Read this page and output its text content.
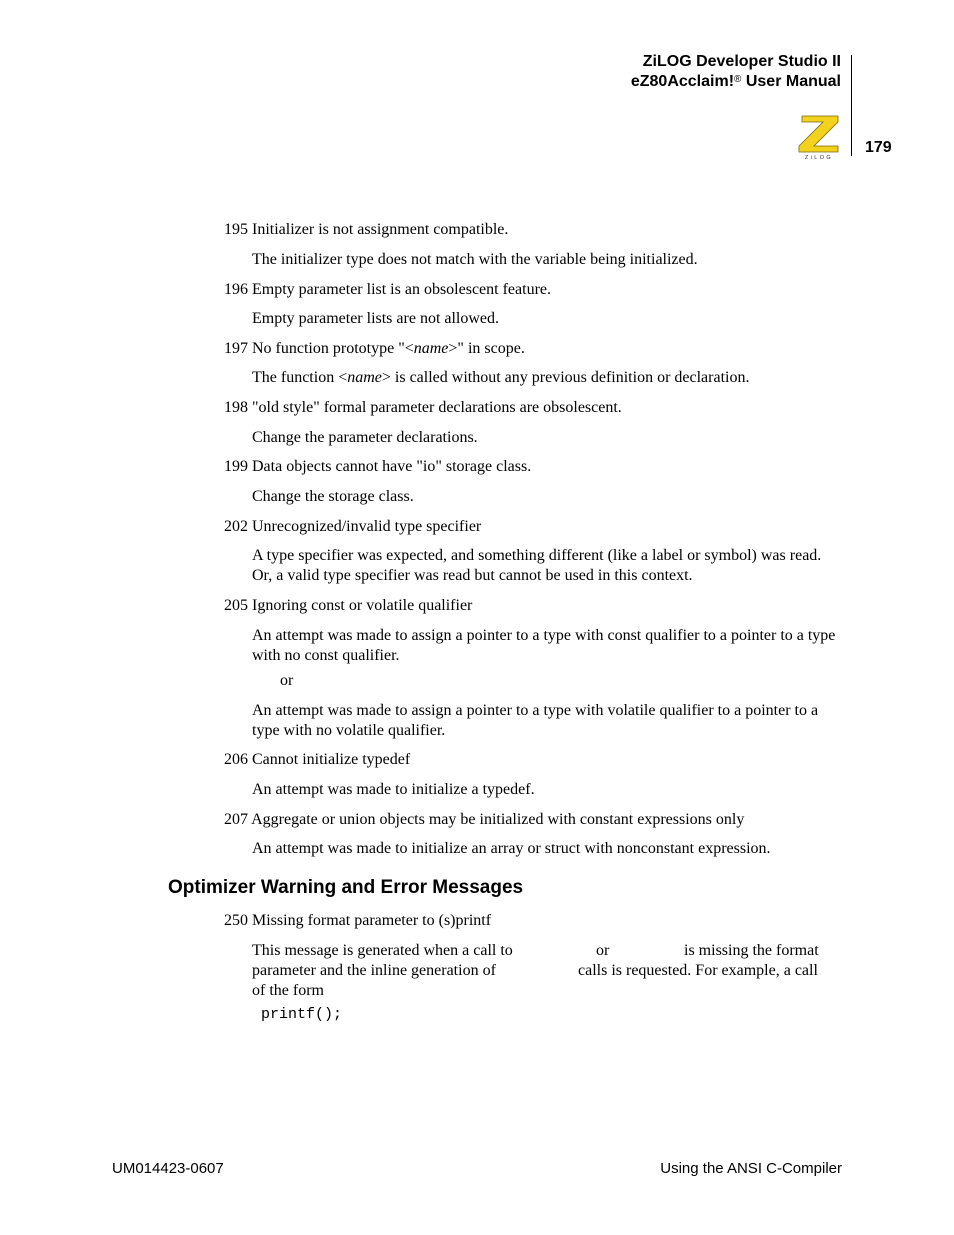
ZiLOG Developer Studio II
eZ80Acclaim!® User Manual
ZiLOG
179
195 Initializer is not assignment compatible.
The initializer type does not match with the variable being initialized.
196 Empty parameter list is an obsolescent feature.
Empty parameter lists are not allowed.
197 No function prototype "<name>" in scope.
The function <name> is called without any previous definition or declaration.
198 "old style" formal parameter declarations are obsolescent.
Change the parameter declarations.
199 Data objects cannot have "io" storage class.
Change the storage class.
202 Unrecognized/invalid type specifier
A type specifier was expected, and something different (like a label or symbol) was read. Or, a valid type specifier was read but cannot be used in this context.
205 Ignoring const or volatile qualifier
An attempt was made to assign a pointer to a type with const qualifier to a pointer to a type with no const qualifier.
or
An attempt was made to assign a pointer to a type with volatile qualifier to a pointer to a type with no volatile qualifier.
206 Cannot initialize typedef
An attempt was made to initialize a typedef.
207 Aggregate or union objects may be initialized with constant expressions only
An attempt was made to initialize an array or struct with nonconstant expression.
Optimizer Warning and Error Messages
250 Missing format parameter to (s)printf
This message is generated when a call to	or	is missing the format
parameter and the inline generation of	calls is requested. For example, a call
of the form
printf();
UM014423-0607	Using the ANSI C-Compiler
